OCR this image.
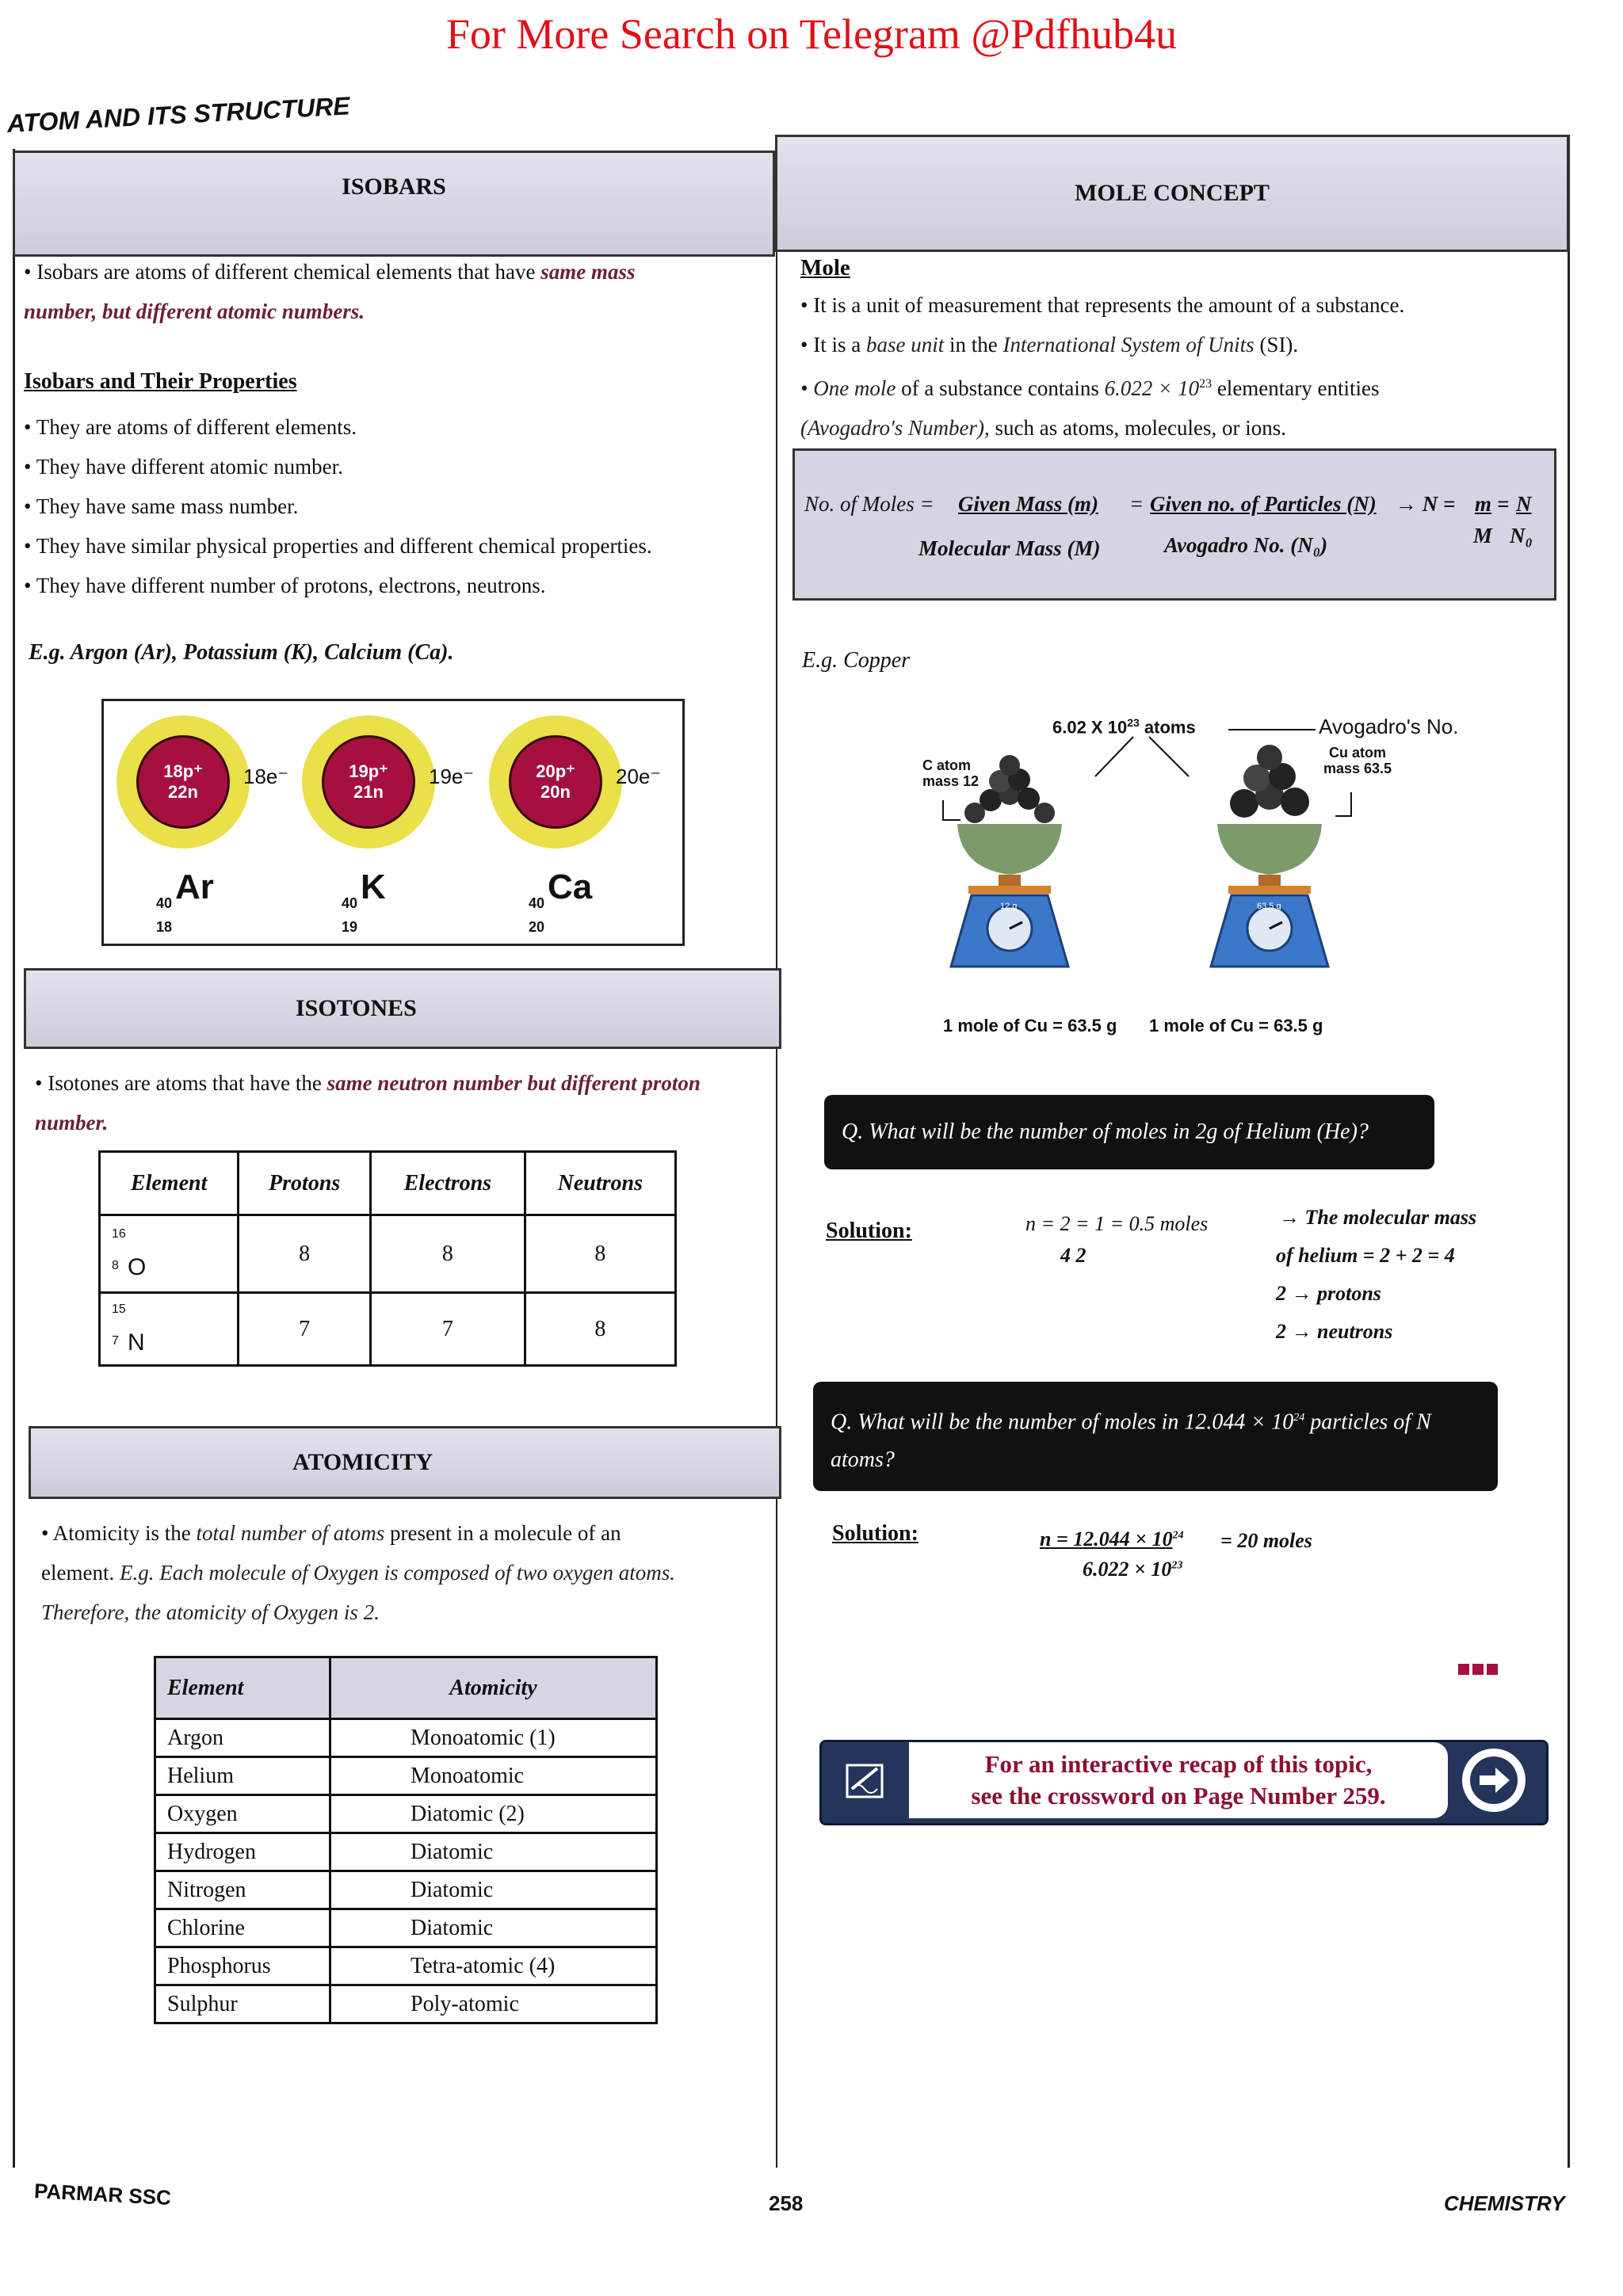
For More Search on Telegram @Pdfhub4u
ATOM AND ITS STRUCTURE
ISOBARS
• Isobars are atoms of different chemical elements that have same mass
number, but different atomic numbers.
Isobars and Their Properties
• They are atoms of different elements.
• They have different atomic number.
• They have same mass number.
• They have similar physical properties and different chemical properties.
• They have different number of protons, electrons, neutrons.
E.g. Argon (Ar), Potassium (K), Calcium (Ca).
18p⁺
22n
18e⁻
40
18
Ar
19p⁺
21n
19e⁻
40
19
K
20p⁺
20n
20e⁻
40
20
Ca
ISOTONES
• Isotones are atoms that have the same neutron number but different proton
number.
Element	Protons	Electrons	Neutrons

16
8 O	8	8	8

15
7 N	7	7	8
ATOMICITY
• Atomicity is the total number of atoms present in a molecule of an
element. E.g. Each molecule of Oxygen is composed of two oxygen atoms.
Therefore, the atomicity of Oxygen is 2.
Element	Atomicity
Argon	Monoatomic (1)
Helium	Monoatomic
Oxygen	Diatomic (2)
Hydrogen	Diatomic
Nitrogen	Diatomic
Chlorine	Diatomic
Phosphorus	Tetra-atomic (4)
Sulphur	Poly-atomic
MOLE CONCEPT
Mole
• It is a unit of measurement that represents the amount of a substance.
• It is a base unit in the International System of Units (SI).
• One mole of a substance contains $6.022 \times 10^{23}$ elementary entities
(Avogadro's Number), such as atoms, molecules, or ions.
No. of Moles = Given Mass (m) = Given no. of Particles (N) → N = m = N
Molecular Mass (M)	Avogadro No. (N₀)	M N₀
E.g. Copper
6.02 X $10^{23}$ atoms	Avogadro's No.
C atom
mass 12
Cu atom
mass 63.5
12 g	63.5 g
1 mole of Cu = 63.5 g 1 mole of Cu = 63.5 g
Q. What will be the number of moles in 2g of Helium (He)?
Solution:	n = 2 = 1 = 0.5 moles
4 2
→ The molecular mass
of helium = 2 + 2 = 4
2 → protons
2 → neutrons
Q. What will be the number of moles in $12.044 \times 10^{24}$ particles of N
atoms?
Solution:	$n = 12.044 \times 10^{24} = 20$ moles
$6.022 \times 10^{23}$
For an interactive recap of this topic,
see the crossword on Page Number 259.
PARMAR SSC	258	CHEMISTRY
